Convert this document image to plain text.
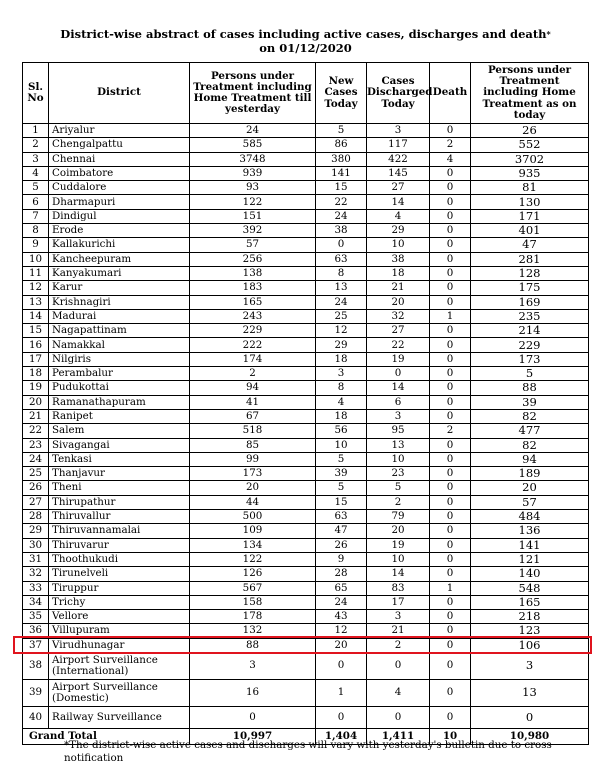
District-wise abstract of cases including active cases, discharges and death*
on 01/12/2020
Sl. No	District	Persons under Treatment including Home Treatment till yesterday	New Cases Today	Cases Discharged Today	Death	Persons under Treatment including Home Treatment as on today
1	Ariyalur	24	5	3	0	26
2	Chengalpattu	585	86	117	2	552
3	Chennai	3748	380	422	4	3702
4	Coimbatore	939	141	145	0	935
5	Cuddalore	93	15	27	0	81
6	Dharmapuri	122	22	14	0	130
7	Dindigul	151	24	4	0	171
8	Erode	392	38	29	0	401
9	Kallakurichi	57	0	10	0	47
10	Kancheepuram	256	63	38	0	281
11	Kanyakumari	138	8	18	0	128
12	Karur	183	13	21	0	175
13	Krishnagiri	165	24	20	0	169
14	Madurai	243	25	32	1	235
15	Nagapattinam	229	12	27	0	214
16	Namakkal	222	29	22	0	229
17	Nilgiris	174	18	19	0	173
18	Perambalur	2	3	0	0	5
19	Pudukottai	94	8	14	0	88
20	Ramanathapuram	41	4	6	0	39
21	Ranipet	67	18	3	0	82
22	Salem	518	56	95	2	477
23	Sivagangai	85	10	13	0	82
24	Tenkasi	99	5	10	0	94
25	Thanjavur	173	39	23	0	189
26	Theni	20	5	5	0	20
27	Thirupathur	44	15	2	0	57
28	Thiruvallur	500	63	79	0	484
29	Thiruvannamalai	109	47	20	0	136
30	Thiruvarur	134	26	19	0	141
31	Thoothukudi	122	9	10	0	121
32	Tirunelveli	126	28	14	0	140
33	Tiruppur	567	65	83	1	548
34	Trichy	158	24	17	0	165
35	Vellore	178	43	3	0	218
36	Villupuram	132	12	21	0	123
37	Virudhunagar	88	20	2	0	106
38	Airport Surveillance (International)	3	0	0	0	3
39	Airport Surveillance (Domestic)	16	1	4	0	13
40	Railway Surveillance	0	0	0	0	0
Grand Total		10,997	1,404	1,411	10	10,980
*The district-wise active cases and discharges will vary with yesterday's bulletin due to cross notification
